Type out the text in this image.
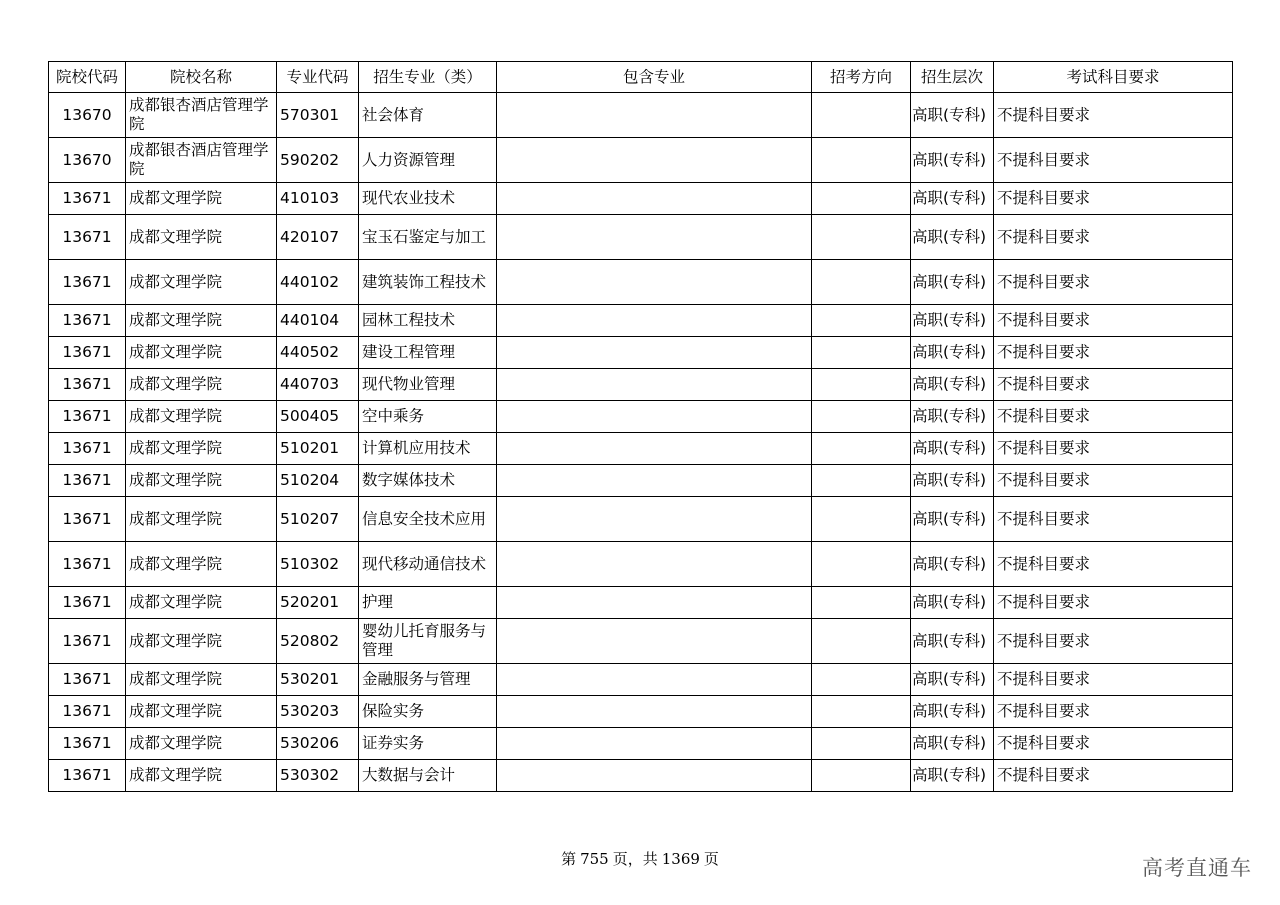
院校代码	院校名称	专业代码	招生专业（类）	包含专业	招考方向	招生层次	考试科目要求
13670	成都银杏酒店管理学院	570301	社会体育			高职(专科)	不提科目要求
13670	成都银杏酒店管理学院	590202	人力资源管理			高职(专科)	不提科目要求
13671	成都文理学院	410103	现代农业技术			高职(专科)	不提科目要求
13671	成都文理学院	420107	宝玉石鉴定与加工			高职(专科)	不提科目要求
13671	成都文理学院	440102	建筑装饰工程技术			高职(专科)	不提科目要求
13671	成都文理学院	440104	园林工程技术			高职(专科)	不提科目要求
13671	成都文理学院	440502	建设工程管理			高职(专科)	不提科目要求
13671	成都文理学院	440703	现代物业管理			高职(专科)	不提科目要求
13671	成都文理学院	500405	空中乘务			高职(专科)	不提科目要求
13671	成都文理学院	510201	计算机应用技术			高职(专科)	不提科目要求
13671	成都文理学院	510204	数字媒体技术			高职(专科)	不提科目要求
13671	成都文理学院	510207	信息安全技术应用			高职(专科)	不提科目要求
13671	成都文理学院	510302	现代移动通信技术			高职(专科)	不提科目要求
13671	成都文理学院	520201	护理			高职(专科)	不提科目要求
13671	成都文理学院	520802	婴幼儿托育服务与管理			高职(专科)	不提科目要求
13671	成都文理学院	530201	金融服务与管理			高职(专科)	不提科目要求
13671	成都文理学院	530203	保险实务			高职(专科)	不提科目要求
13671	成都文理学院	530206	证券实务			高职(专科)	不提科目要求
13671	成都文理学院	530302	大数据与会计			高职(专科)	不提科目要求
第 755 页，共 1369 页	高考直通车
